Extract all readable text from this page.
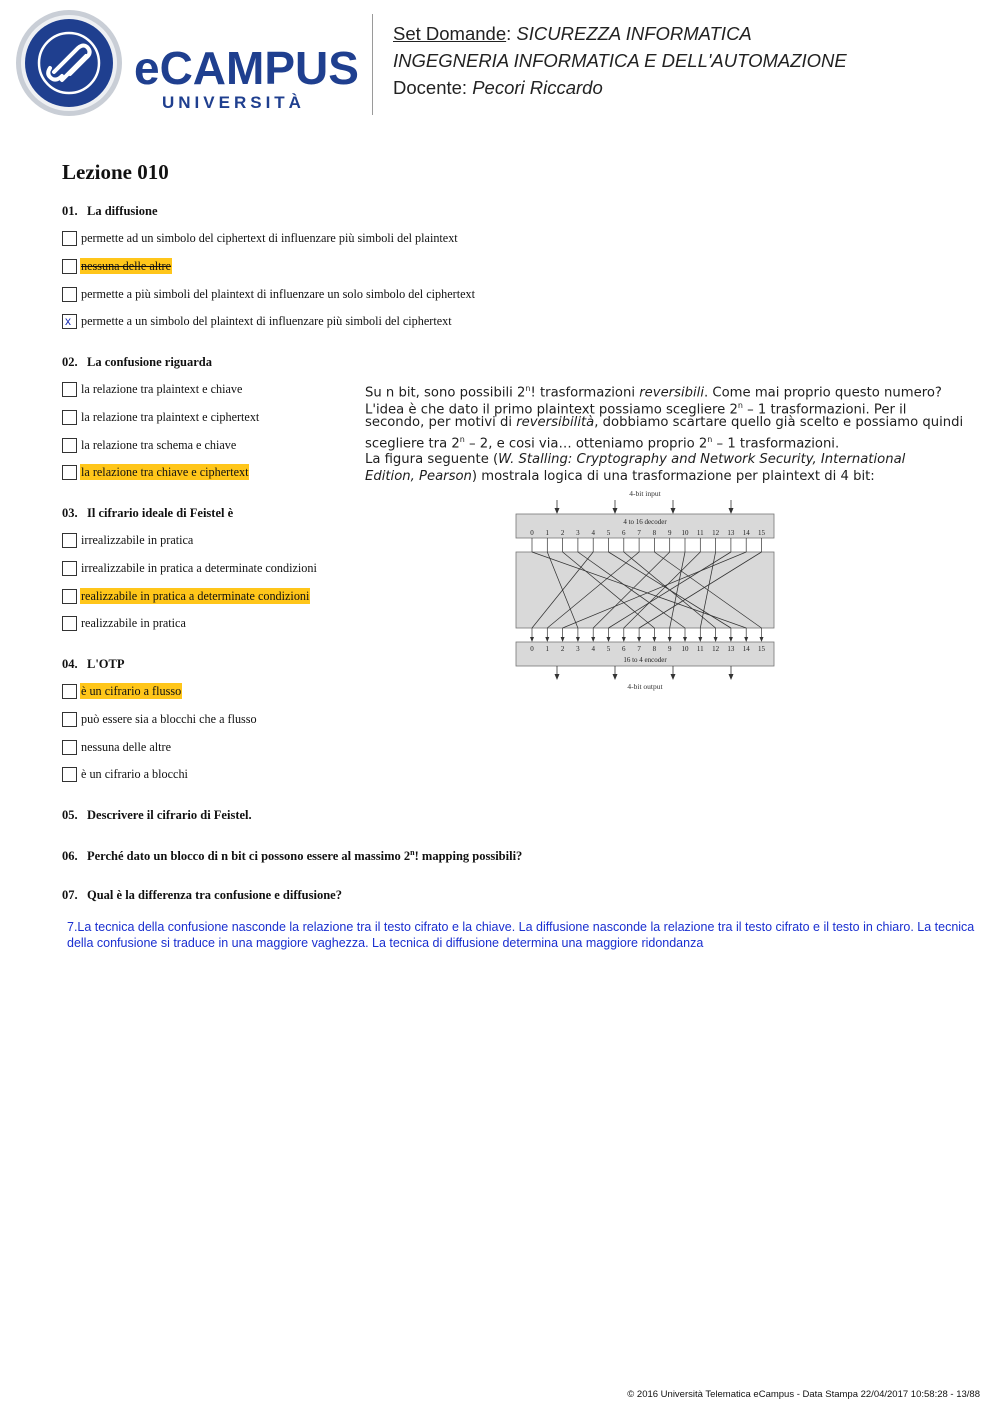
eCAMPUS
UNIVERSITÀ
Set Domande: SICUREZZA INFORMATICA
INGEGNERIA INFORMATICA E DELL'AUTOMAZIONE
Docente: Pecori Riccardo
Lezione 010
01. La diffusione
permette ad un simbolo del ciphertext di influenzare più simboli del plaintext
nessuna delle altre
permette a più simboli del plaintext di influenzare un solo simbolo del ciphertext
x permette a un simbolo del plaintext di influenzare più simboli del ciphertext
02. La confusione riguarda
la relazione tra plaintext e chiave
la relazione tra plaintext e ciphertext
la relazione tra schema e chiave
la relazione tra chiave e ciphertext
03. Il cifrario ideale di Feistel è
irrealizzabile in pratica
irrealizzabile in pratica a determinate condizioni
realizzabile in pratica a determinate condizioni
realizzabile in pratica
04. L'OTP
è un cifrario a flusso
può essere sia a blocchi che a flusso
nessuna delle altre
è un cifrario a blocchi
05. Descrivere il cifrario di Feistel.
06. Perché dato un blocco di n bit ci possono essere al massimo 2$^n$! mapping possibili?
07. Qual è la differenza tra confusione e diffusione?
Su n bit, sono possibili 2$^n$! trasformazioni reversibili. Come mai proprio questo numero?
L'idea è che dato il primo plaintext possiamo scegliere 2$^n$ – 1 trasformazioni. Per il
secondo, per motivi di reversibilità, dobbiamo scartare quello già scelto e possiamo quindi
scegliere tra 2$^n$ – 2, e cosi via… otteniamo proprio 2$^n$ – 1 trasformazioni.
La figura seguente (W. Stalling: Cryptography and Network Security, International
Edition, Pearson) mostrala logica di una trasformazione per plaintext di 4 bit:
4-bit input
4 to 16 decoder
0 1 2 3 4 5 6 7 8 9 10 11 12 13 14 15
0 1 2 3 4 5 6 7 8 9 10 11 12 13 14 15
16 to 4 encoder
4-bit output
7.La tecnica della confusione nasconde la relazione tra il testo cifrato e la chiave. La diffusione nasconde la relazione tra il testo cifrato e il testo in chiaro. La tecnica della confusione si traduce in una maggiore vaghezza. La tecnica di diffusione determina una maggiore ridondanza
© 2016 Università Telematica eCampus - Data Stampa 22/04/2017 10:58:28 - 13/88
